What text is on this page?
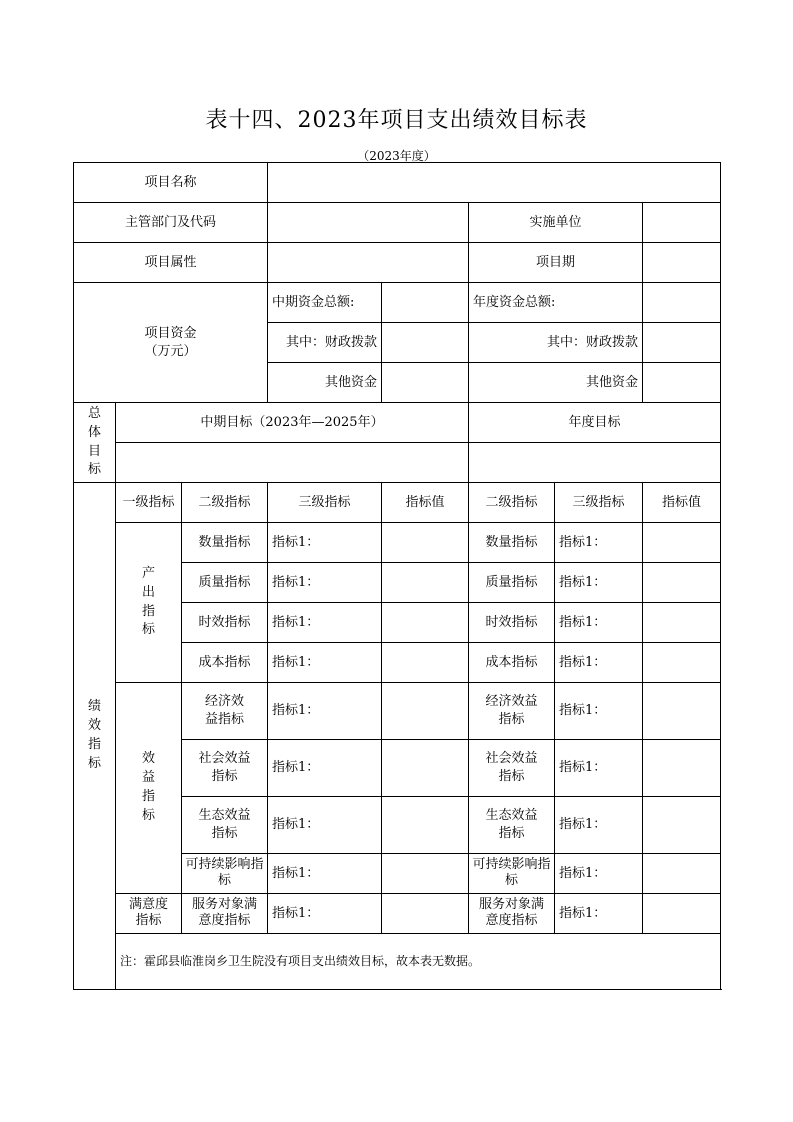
表十四、2023年项目支出绩效目标表
（2023年度）
项目名称							
主管部门及代码					实施单位		
项目属性					项目期		

项目资金
（万元）			中期资金总额:		年度资金总额:		
			其中：财政拨款		其中：财政拨款		
			其他资金		其他资金		
总体目标	中期目标（2023年—2025年）				年度目标		

绩效指标	一级指标	二级指标	三级指标	指标值	二级指标	三级指标	指标值
	产出指标	数量指标	指标1：		数量指标	指标1：	
		质量指标	指标1：		质量指标	指标1：	
		时效指标	指标1：		时效指标	指标1：	
		成本指标	指标1：		成本指标	指标1：	
	效益指标	经济效益指标	指标1：		经济效益指标	指标1：	
		社会效益指标	指标1：		社会效益指标	指标1：	
		生态效益指标	指标1：		生态效益指标	指标1：	
		可持续影响指标	指标1：		可持续影响指标	指标1：	
	满意度指标	服务对象满意度指标	指标1：		服务对象满意度指标	指标1：	
	注：霍邱县临淮岗乡卫生院没有项目支出绩效目标，故本表无数据。						
